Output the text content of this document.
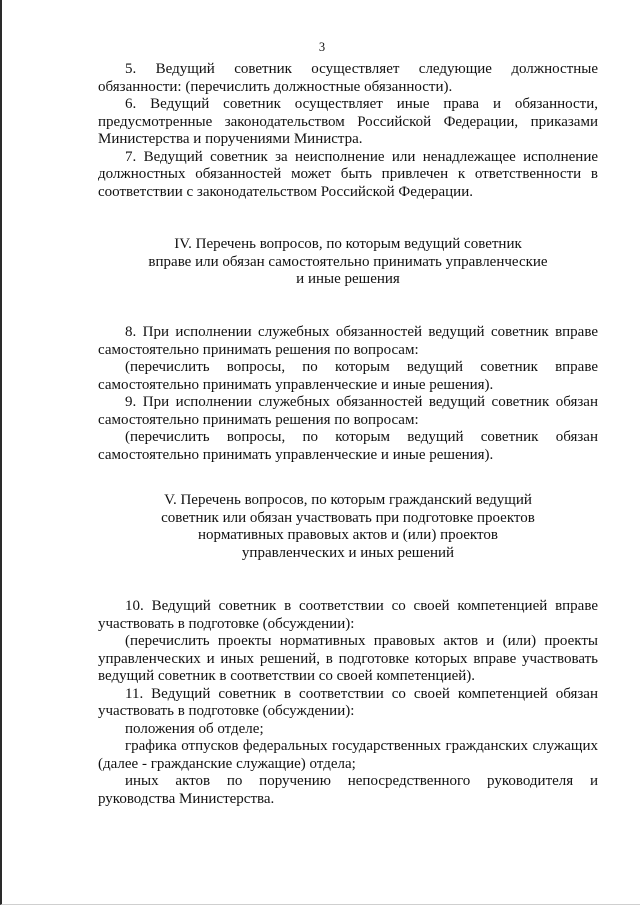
3

5. Ведущий советник осуществляет следующие должностные обязанности: (перечислить должностные обязанности).

6. Ведущий советник осуществляет иные права и обязанности, предусмотренные законодательством Российской Федерации, приказами Министерства и поручениями Министра.

7. Ведущий советник за неисполнение или ненадлежащее исполнение должностных обязанностей может быть привлечен к ответственности в соответствии с законодательством Российской Федерации.

IV. Перечень вопросов, по которым ведущий советник
вправе или обязан самостоятельно принимать управленческие
и иные решения

8. При исполнении служебных обязанностей ведущий советник вправе самостоятельно принимать решения по вопросам:

(перечислить вопросы, по которым ведущий советник вправе самостоятельно принимать управленческие и иные решения).

9. При исполнении служебных обязанностей ведущий советник обязан самостоятельно принимать решения по вопросам:

(перечислить вопросы, по которым ведущий советник обязан самостоятельно принимать управленческие и иные решения).

V. Перечень вопросов, по которым гражданский ведущий
советник или обязан участвовать при подготовке проектов
нормативных правовых актов и (или) проектов
управленческих и иных решений

10. Ведущий советник в соответствии со своей компетенцией вправе участвовать в подготовке (обсуждении):

(перечислить проекты нормативных правовых актов и (или) проекты управленческих и иных решений, в подготовке которых вправе участвовать ведущий советник в соответствии со своей компетенцией).

11. Ведущий советник в соответствии со своей компетенцией обязан участвовать в подготовке (обсуждении):

положения об отделе;

графика отпусков федеральных государственных гражданских служащих (далее - гражданские служащие) отдела;

иных актов по поручению непосредственного руководителя и руководства Министерства.
